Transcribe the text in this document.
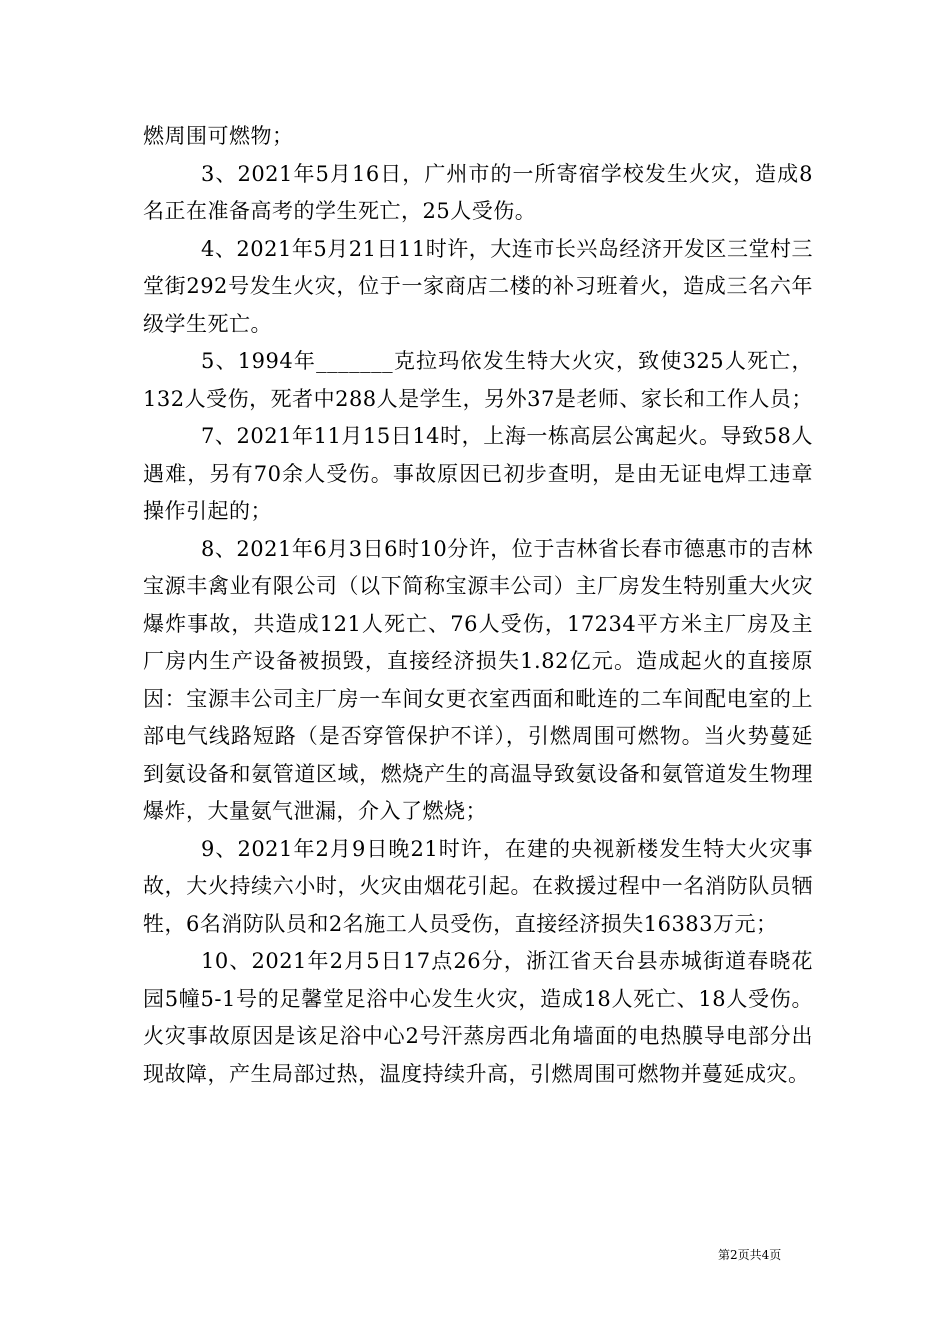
燃周围可燃物；

3、2021年5月16日，广州市的一所寄宿学校发生火灾，造成8名正在准备高考的学生死亡，25人受伤。

4、2021年5月21日11时许，大连市长兴岛经济开发区三堂村三堂街292号发生火灾，位于一家商店二楼的补习班着火，造成三名六年级学生死亡。

5、1994年_______克拉玛依发生特大火灾，致使325人死亡，132人受伤，死者中288人是学生，另外37是老师、家长和工作人员；

7、2021年11月15日14时，上海一栋高层公寓起火。导致58人遇难，另有70余人受伤。事故原因已初步查明，是由无证电焊工违章操作引起的；

8、2021年6月3日6时10分许，位于吉林省长春市德惠市的吉林宝源丰禽业有限公司（以下简称宝源丰公司）主厂房发生特别重大火灾爆炸事故，共造成121人死亡、76人受伤，17234平方米主厂房及主厂房内生产设备被损毁，直接经济损失1.82亿元。造成起火的直接原因：宝源丰公司主厂房一车间女更衣室西面和毗连的二车间配电室的上部电气线路短路（是否穿管保护不详），引燃周围可燃物。当火势蔓延到氨设备和氨管道区域，燃烧产生的高温导致氨设备和氨管道发生物理爆炸，大量氨气泄漏，介入了燃烧；

9、2021年2月9日晚21时许，在建的央视新楼发生特大火灾事故，大火持续六小时，火灾由烟花引起。在救援过程中一名消防队员牺牲，6名消防队员和2名施工人员受伤，直接经济损失16383万元；

10、2021年2月5日17点26分，浙江省天台县赤城街道春晓花园5幢5-1号的足馨堂足浴中心发生火灾，造成18人死亡、18人受伤。火灾事故原因是该足浴中心2号汗蒸房西北角墙面的电热膜导电部分出现故障，产生局部过热，温度持续升高，引燃周围可燃物并蔓延成灾。

第2页共4页
